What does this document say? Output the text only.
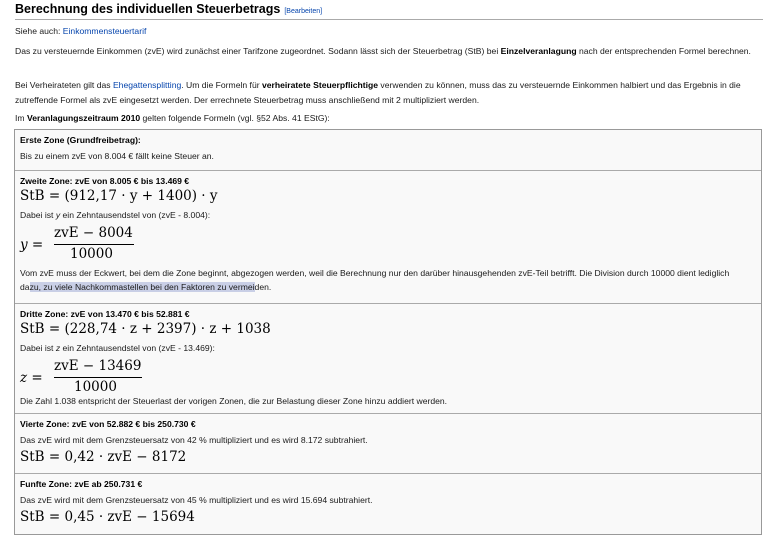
Berechnung des individuellen Steuerbetrags [Bearbeiten]
Siehe auch: Einkommensteuertarif
Das zu versteuernde Einkommen (zvE) wird zunächst einer Tarifzone zugeordnet. Sodann lässt sich der Steuerbetrag (StB) bei Einzelveranlagung nach der entsprechenden Formel berechnen.
Bei Verheirateten gilt das Ehegattensplitting. Um die Formeln für verheiratete Steuerpflichtige verwenden zu können, muss das zu versteuernde Einkommen halbiert und das Ergebnis in die zutreffende Formel als zvE eingesetzt werden. Der errechnete Steuerbetrag muss anschließend mit 2 multipliziert werden.
Im Veranlagungszeitraum 2010 gelten folgende Formeln (vgl. §52 Abs. 41 EStG):
Erste Zone (Grundfreibetrag):
Bis zu einem zvE von 8.004 € fällt keine Steuer an.
Zweite Zone: zvE von 8.005 € bis 13.469 €
StB = (912,17 · y + 1400) · y
Dabei ist y ein Zehntausendstel von (zvE - 8.004):
y =
zvE − 8004
10000
Vom zvE muss der Eckwert, bei dem die Zone beginnt, abgezogen werden, weil die Berechnung nur den darüber hinausgehenden zvE-Teil betrifft. Die Division durch 10000 dient lediglich
dazu, zu viele Nachkommastellen bei den Faktoren zu vermeiden.
Dritte Zone: zvE von 13.470 € bis 52.881 €
StB = (228,74 · z + 2397) · z + 1038
Dabei ist z ein Zehntausendstel von (zvE - 13.469):
z =
zvE − 13469
10000
Die Zahl 1.038 entspricht der Steuerlast der vorigen Zonen, die zur Belastung dieser Zone hinzu addiert werden.
Vierte Zone: zvE von 52.882 € bis 250.730 €
Das zvE wird mit dem Grenzsteuersatz von 42 % multipliziert und es wird 8.172 subtrahiert.
StB = 0,42 · zvE − 8172
Funfte Zone: zvE ab 250.731 €
Das zvE wird mit dem Grenzsteuersatz von 45 % multipliziert und es wird 15.694 subtrahiert.
StB = 0,45 · zvE − 15694
